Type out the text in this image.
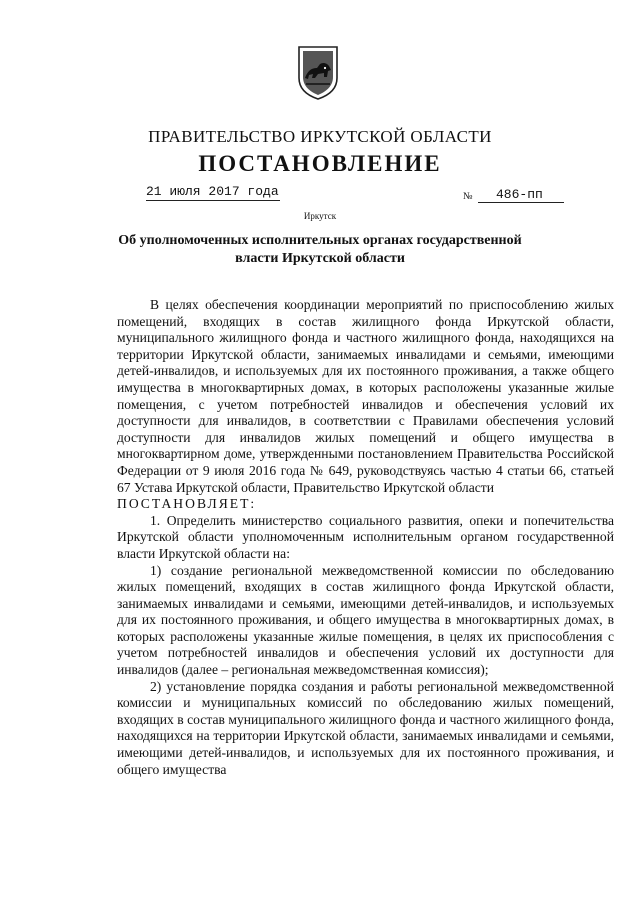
ПРАВИТЕЛЬСТВО ИРКУТСКОЙ ОБЛАСТИ
ПОСТАНОВЛЕНИЕ
21 июля 2017 года	№	486-пп
Иркутск
Об уполномоченных исполнительных органах государственной власти Иркутской области

В целях обеспечения координации мероприятий по приспособлению жилых помещений, входящих в состав жилищного фонда Иркутской области, муниципального жилищного фонда и частного жилищного фонда, находящихся на территории Иркутской области, занимаемых инвалидами и семьями, имеющими детей-инвалидов, и используемых для их постоянного проживания, а также общего имущества в многоквартирных домах, в которых расположены указанные жилые помещения, с учетом потребностей инвалидов и обеспечения условий их доступности для инвалидов, в соответствии с Правилами обеспечения условий доступности для инвалидов жилых помещений и общего имущества в многоквартирном доме, утвержденными постановлением Правительства Российской Федерации от 9 июля 2016 года № 649, руководствуясь частью 4 статьи 66, статьей 67 Устава Иркутской области, Правительство Иркутской области

ПОСТАНОВЛЯЕТ:

1. Определить министерство социального развития, опеки и попечительства Иркутской области уполномоченным исполнительным органом государственной власти Иркутской области на:

1) создание региональной межведомственной комиссии по обследованию жилых помещений, входящих в состав жилищного фонда Иркутской области, занимаемых инвалидами и семьями, имеющими детей-инвалидов, и используемых для их постоянного проживания, и общего имущества в многоквартирных домах, в которых расположены указанные жилые помещения, в целях их приспособления с учетом потребностей инвалидов и обеспечения условий их доступности для инвалидов (далее – региональная межведомственная комиссия);

2) установление порядка создания и работы региональной межведомственной комиссии и муниципальных комиссий по обследованию жилых помещений, входящих в состав муниципального жилищного фонда и частного жилищного фонда, находящихся на территории Иркутской области, занимаемых инвалидами и семьями, имеющими детей-инвалидов, и используемых для их постоянного проживания, и общего имущества
